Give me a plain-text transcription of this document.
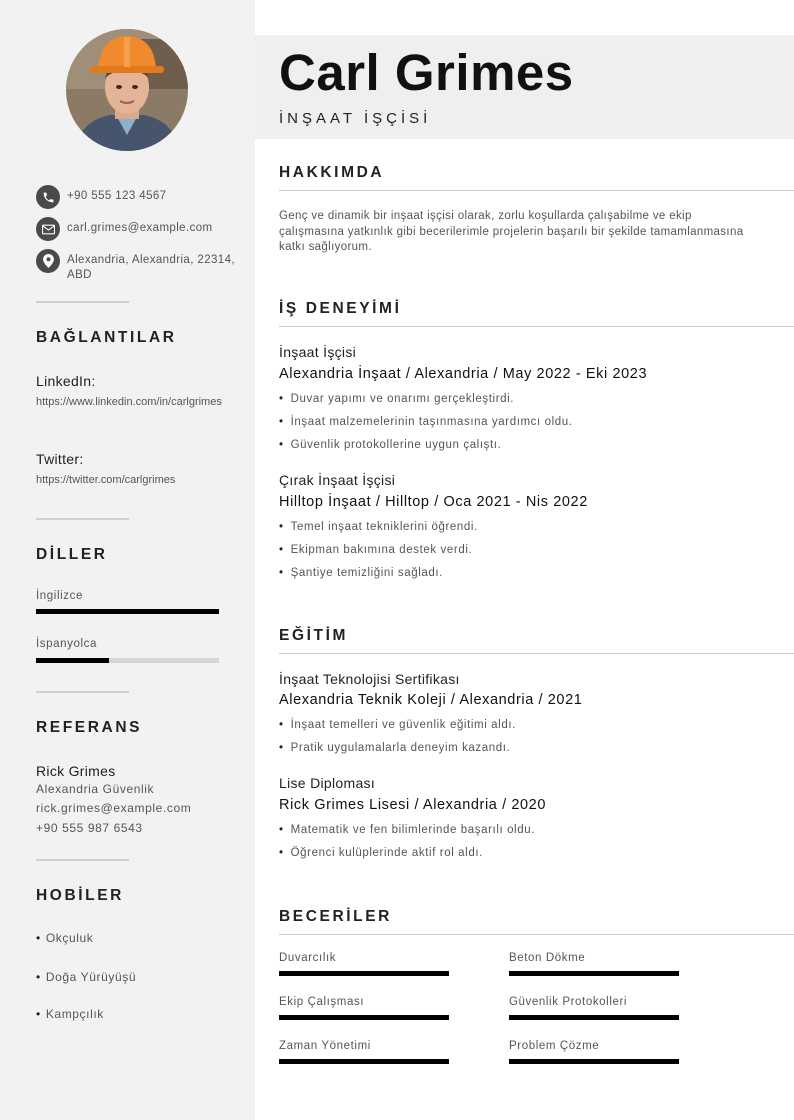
+90 555 123 4567
carl.grimes@example.com
Alexandria, Alexandria, 22314, ABD
BAĞLANTILAR
LinkedIn:
https://www.linkedin.com/in/carlgrimes
Twitter:
https://twitter.com/carlgrimes
DİLLER
İngilizce
İspanyolca
REFERANS
Rick Grimes
Alexandria Güvenlik
rick.grimes@example.com
+90 555 987 6543
HOBİLER
• Okçuluk
• Doğa Yürüyüşü
• Kampçılık
Carl Grimes
İNŞAAT İŞÇİSİ
HAKKIMDA
Genç ve dinamik bir inşaat işçisi olarak, zorlu koşullarda çalışabilme ve ekip çalışmasına yatkınlık gibi becerilerimle projelerin başarılı bir şekilde tamamlanmasına katkı sağlıyorum.
İŞ DENEYİMİ
İnşaat İşçisi
Alexandria İnşaat / Alexandria / May 2022 - Eki 2023
• Duvar yapımı ve onarımı gerçekleştirdi.
• İnşaat malzemelerinin taşınmasına yardımcı oldu.
• Güvenlik protokollerine uygun çalıştı.
Çırak İnşaat İşçisi
Hilltop İnşaat / Hilltop / Oca 2021 - Nis 2022
• Temel inşaat tekniklerini öğrendi.
• Ekipman bakımına destek verdi.
• Şantiye temizliğini sağladı.
EĞİTİM
İnşaat Teknolojisi Sertifikası
Alexandria Teknik Koleji / Alexandria / 2021
• İnşaat temelleri ve güvenlik eğitimi aldı.
• Pratik uygulamalarla deneyim kazandı.
Lise Diploması
Rick Grimes Lisesi / Alexandria / 2020
• Matematik ve fen bilimlerinde başarılı oldu.
• Öğrenci kulüplerinde aktif rol aldı.
BECERİLER
Duvarcılık	Beton Dökme
Ekip Çalışması	Güvenlik Protokolleri
Zaman Yönetimi	Problem Çözme
